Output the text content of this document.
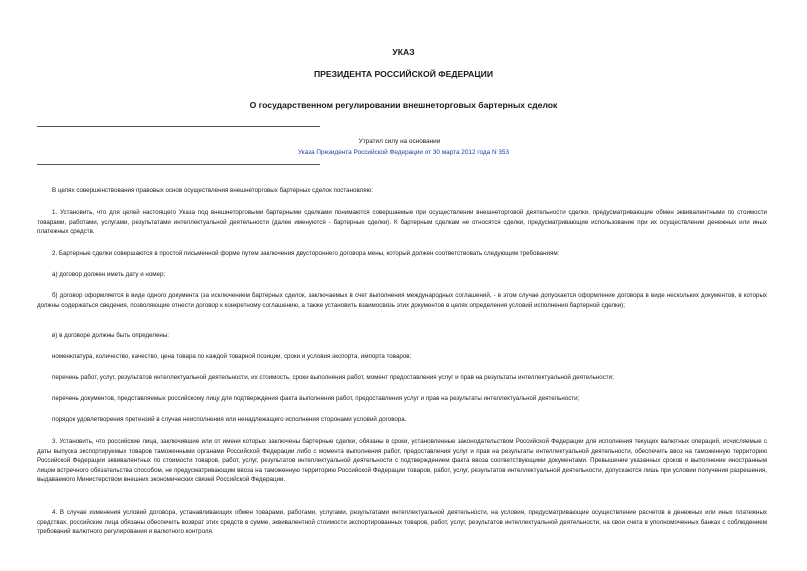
УКАЗ
ПРЕЗИДЕНТА РОССИЙСКОЙ ФЕДЕРАЦИИ
О государственном регулировании внешнеторговых бартерных сделок
Утратил силу на основании
Указа Президента Российской Федерации от 30 марта 2012 года N 353

В целях совершенствования правовых основ осуществления внешнеторговых бартерных сделок постановляю:

1. Установить, что для целей настоящего Указа под внешнеторговыми бартерными сделками понимаются совершаемые при осуществлении внешнеторговой деятельности сделки, предусматривающие обмен эквивалентными по стоимости товарами, работами, услугами, результатами интеллектуальной деятельности (далее именуются - бартерные сделки). К бартерным сделкам не относятся сделки, предусматривающие использование при их осуществлении денежных или иных платежных средств.

2. Бартерные сделки совершаются в простой письменной форме путем заключения двустороннего договора мены, который должен соответствовать следующим требованиям:

а) договор должен иметь дату и номер;

б) договор оформляется в виде одного документа (за исключением бартерных сделок, заключаемых в счет выполнения международных соглашений, - в этом случае допускается оформление договора в виде нескольких документов, в которых должны содержаться сведения, позволяющие отнести договор к конкретному соглашению, а также установить взаимосвязь этих документов в целях определения условий исполнения бартерной сделки);

в) в договоре должны быть определены:

номенклатура, количество, качество, цена товара по каждой товарной позиции, сроки и условия экспорта, импорта товаров;

перечень работ, услуг, результатов интеллектуальной деятельности, их стоимость, сроки выполнения работ, момент предоставления услуг и прав на результаты интеллектуальной деятельности;

перечень документов, представляемых российскому лицу для подтверждения факта выполнения работ, предоставления услуг и прав на результаты интеллектуальной деятельности;

порядок удовлетворения претензий в случае неисполнения или ненадлежащего исполнения сторонами условий договора.

3. Установить, что российские лица, заключившие или от имени которых заключены бартерные сделки, обязаны в сроки, установленные законодательством Российской Федерации для исполнения текущих валютных операций, исчисляемые с даты выпуска экспортируемых товаров таможенными органами Российской Федерации либо с момента выполнения работ, предоставления услуг и прав на результаты интеллектуальной деятельности, обеспечить ввоз на таможенную территорию Российской Федерации эквивалентных по стоимости товаров, работ, услуг, результатов интеллектуальной деятельности с подтверждением факта ввоза соответствующими документами. Превышение указанных сроков и выполнение иностранным лицом встречного обязательства способом, не предусматривающим ввоза на таможенную территорию Российской Федерации товаров, работ, услуг, результатов интеллектуальной деятельности, допускаются лишь при условии получения разрешения, выдаваемого Министерством внешних экономических связей Российской Федерации.

4. В случае изменения условий договора, устанавливающих обмен товарами, работами, услугами, результатами интеллектуальной деятельности, на условия, предусматривающие осуществление расчетов в денежных или иных платежных средствах, российские лица обязаны обеспечить возврат этих средств в сумме, эквивалентной стоимости экспортированных товаров, работ, услуг, результатов интеллектуальной деятельности, на свои счета в уполномоченных банках с соблюдением требований валютного регулирования и валютного контроля.
